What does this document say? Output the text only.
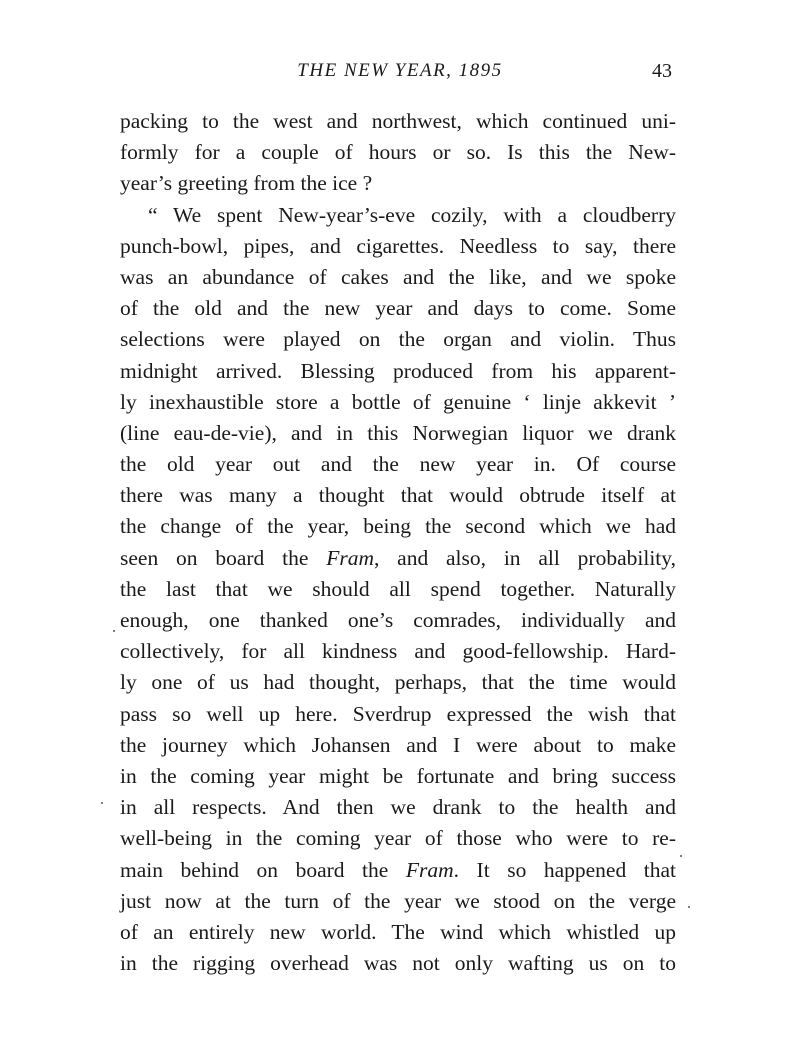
THE NEW YEAR, 1895	43
packing to the west and northwest, which continued uni-
formly for a couple of hours or so. Is this the New-
year’s greeting from the ice ?
“ We spent New-year’s-eve cozily, with a cloudberry
punch-bowl, pipes, and cigarettes. Needless to say, there
was an abundance of cakes and the like, and we spoke
of the old and the new year and days to come. Some
selections were played on the organ and violin. Thus
midnight arrived. Blessing produced from his apparent-
ly inexhaustible store a bottle of genuine ‘ linje akkevit ’
(line eau-de-vie), and in this Norwegian liquor we drank
the old year out and the new year in. Of course
there was many a thought that would obtrude itself at
the change of the year, being the second which we had
seen on board the Fram, and also, in all probability,
the last that we should all spend together. Naturally
enough, one thanked one’s comrades, individually and
collectively, for all kindness and good-fellowship. Hard-
ly one of us had thought, perhaps, that the time would
pass so well up here. Sverdrup expressed the wish that
the journey which Johansen and I were about to make
in the coming year might be fortunate and bring success
in all respects. And then we drank to the health and
well-being in the coming year of those who were to re-
main behind on board the Fram. It so happened that
just now at the turn of the year we stood on the verge
of an entirely new world. The wind which whistled up
in the rigging overhead was not only wafting us on to
